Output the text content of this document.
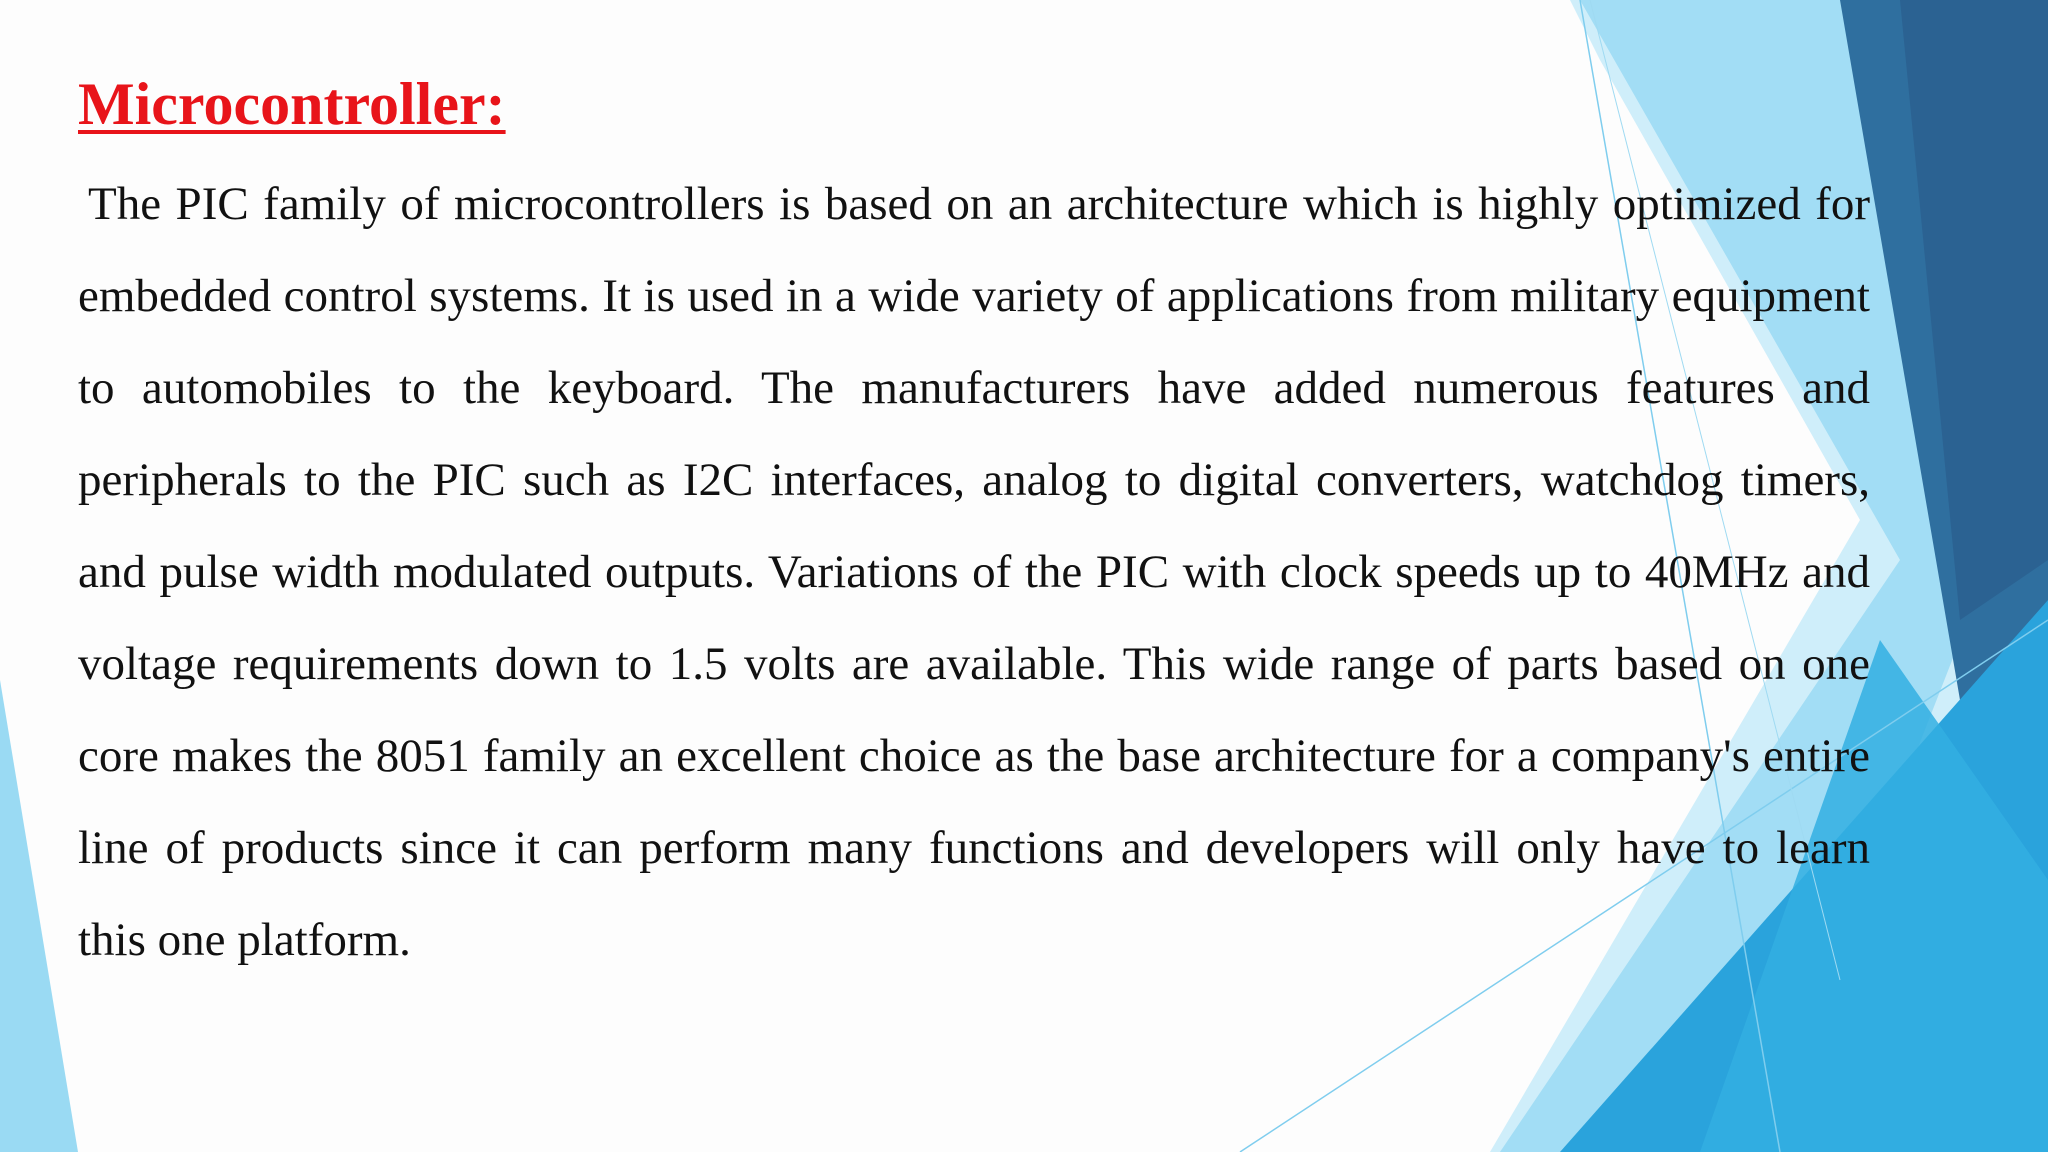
Microcontroller:

The PIC family of microcontrollers is based on an architecture which is highly optimized for embedded control systems. It is used in a wide variety of applications from military equipment to automobiles to the keyboard. The manufacturers have added numerous features and peripherals to the PIC such as I2C interfaces, analog to digital converters, watchdog timers, and pulse width modulated outputs. Variations of the PIC with clock speeds up to 40MHz and voltage requirements down to 1.5 volts are available. This wide range of parts based on one core makes the 8051 family an excellent choice as the base architecture for a company's entire line of products since it can perform many functions and developers will only have to learn this one platform.
